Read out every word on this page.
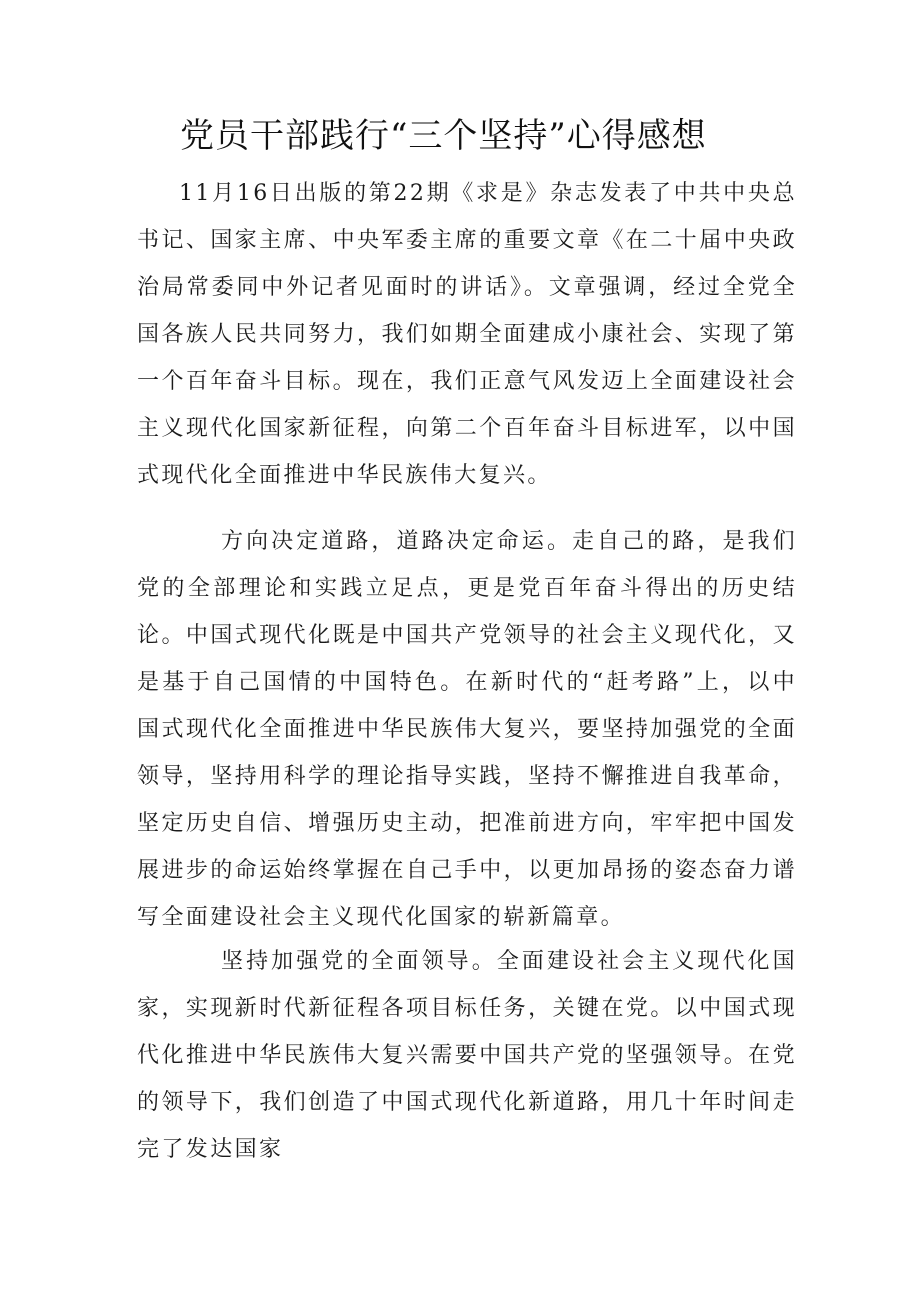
党员干部践行“三个坚持”心得感想

11月16日出版的第22期《求是》杂志发表了中共中央总书记、国家主席、中央军委主席的重要文章《在二十届中央政治局常委同中外记者见面时的讲话》。文章强调，经过全党全国各族人民共同努力，我们如期全面建成小康社会、实现了第一个百年奋斗目标。现在，我们正意气风发迈上全面建设社会主义现代化国家新征程，向第二个百年奋斗目标进军，以中国式现代化全面推进中华民族伟大复兴。

方向决定道路，道路决定命运。走自己的路，是我们党的全部理论和实践立足点，更是党百年奋斗得出的历史结论。中国式现代化既是中国共产党领导的社会主义现代化，又是基于自己国情的中国特色。在新时代的“赶考路”上，以中国式现代化全面推进中华民族伟大复兴，要坚持加强党的全面领导，坚持用科学的理论指导实践，坚持不懈推进自我革命，坚定历史自信、增强历史主动，把准前进方向，牢牢把中国发展进步的命运始终掌握在自己手中，以更加昂扬的姿态奋力谱写全面建设社会主义现代化国家的崭新篇章。

坚持加强党的全面领导。全面建设社会主义现代化国家，实现新时代新征程各项目标任务，关键在党。以中国式现代化推进中华民族伟大复兴需要中国共产党的坚强领导。在党的领导下，我们创造了中国式现代化新道路，用几十年时间走完了发达国家
